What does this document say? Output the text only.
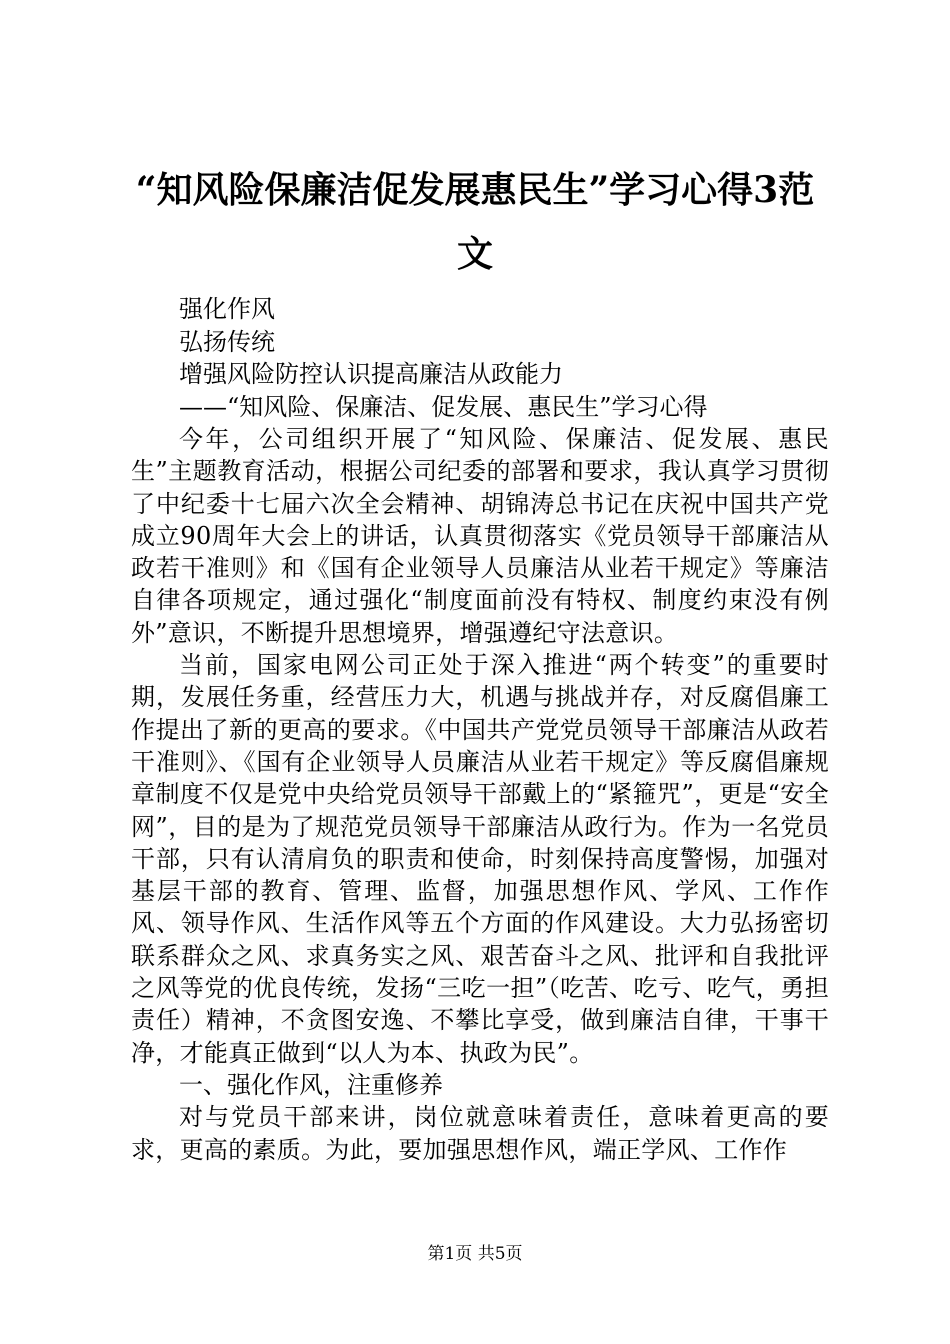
“知风险保廉洁促发展惠民生”学习心得3范文

强化作风

弘扬传统

增强风险防控认识提高廉洁从政能力

——“知风险、保廉洁、促发展、惠民生”学习心得

今年，公司组织开展了“知风险、保廉洁、促发展、惠民生”主题教育活动，根据公司纪委的部署和要求，我认真学习贯彻了中纪委十七届六次全会精神、胡锦涛总书记在庆祝中国共产党成立90周年大会上的讲话，认真贯彻落实《党员领导干部廉洁从政若干准则》和《国有企业领导人员廉洁从业若干规定》等廉洁自律各项规定，通过强化“制度面前没有特权、制度约束没有例外”意识，不断提升思想境界，增强遵纪守法意识。

当前，国家电网公司正处于深入推进“两个转变”的重要时期，发展任务重，经营压力大，机遇与挑战并存，对反腐倡廉工作提出了新的更高的要求。《中国共产党党员领导干部廉洁从政若干准则》、《国有企业领导人员廉洁从业若干规定》等反腐倡廉规章制度不仅是党中央给党员领导干部戴上的“紧箍咒”，更是“安全网”，目的是为了规范党员领导干部廉洁从政行为。作为一名党员干部，只有认清肩负的职责和使命，时刻保持高度警惕，加强对基层干部的教育、管理、监督，加强思想作风、学风、工作作风、领导作风、生活作风等五个方面的作风建设。大力弘扬密切联系群众之风、求真务实之风、艰苦奋斗之风、批评和自我批评之风等党的优良传统，发扬“三吃一担”（吃苦、吃亏、吃气，勇担责任）精神，不贪图安逸、不攀比享受，做到廉洁自律，干事干净，才能真正做到“以人为本、执政为民”。

一、强化作风，注重修养

对与党员干部来讲，岗位就意味着责任，意味着更高的要求，更高的素质。为此，要加强思想作风，端正学风、工作作

第1页 共5页
